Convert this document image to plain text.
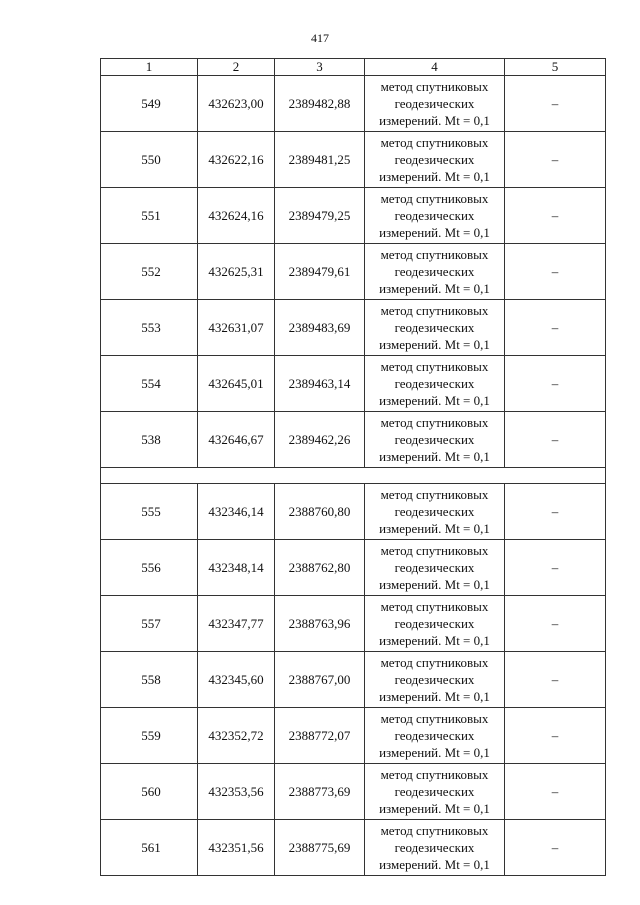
417
1	2	3	4	5
549	432623,00	2389482,88	метод спутниковых геодезических измерений. Mt = 0,1	–
550	432622,16	2389481,25	метод спутниковых геодезических измерений. Mt = 0,1	–
551	432624,16	2389479,25	метод спутниковых геодезических измерений. Mt = 0,1	–
552	432625,31	2389479,61	метод спутниковых геодезических измерений. Mt = 0,1	–
553	432631,07	2389483,69	метод спутниковых геодезических измерений. Mt = 0,1	–
554	432645,01	2389463,14	метод спутниковых геодезических измерений. Mt = 0,1	–
538	432646,67	2389462,26	метод спутниковых геодезических измерений. Mt = 0,1	–

555	432346,14	2388760,80	метод спутниковых геодезических измерений. Mt = 0,1	–
556	432348,14	2388762,80	метод спутниковых геодезических измерений. Mt = 0,1	–
557	432347,77	2388763,96	метод спутниковых геодезических измерений. Mt = 0,1	–
558	432345,60	2388767,00	метод спутниковых геодезических измерений. Mt = 0,1	–
559	432352,72	2388772,07	метод спутниковых геодезических измерений. Mt = 0,1	–
560	432353,56	2388773,69	метод спутниковых геодезических измерений. Mt = 0,1	–
561	432351,56	2388775,69	метод спутниковых геодезических измерений. Mt = 0,1	–
